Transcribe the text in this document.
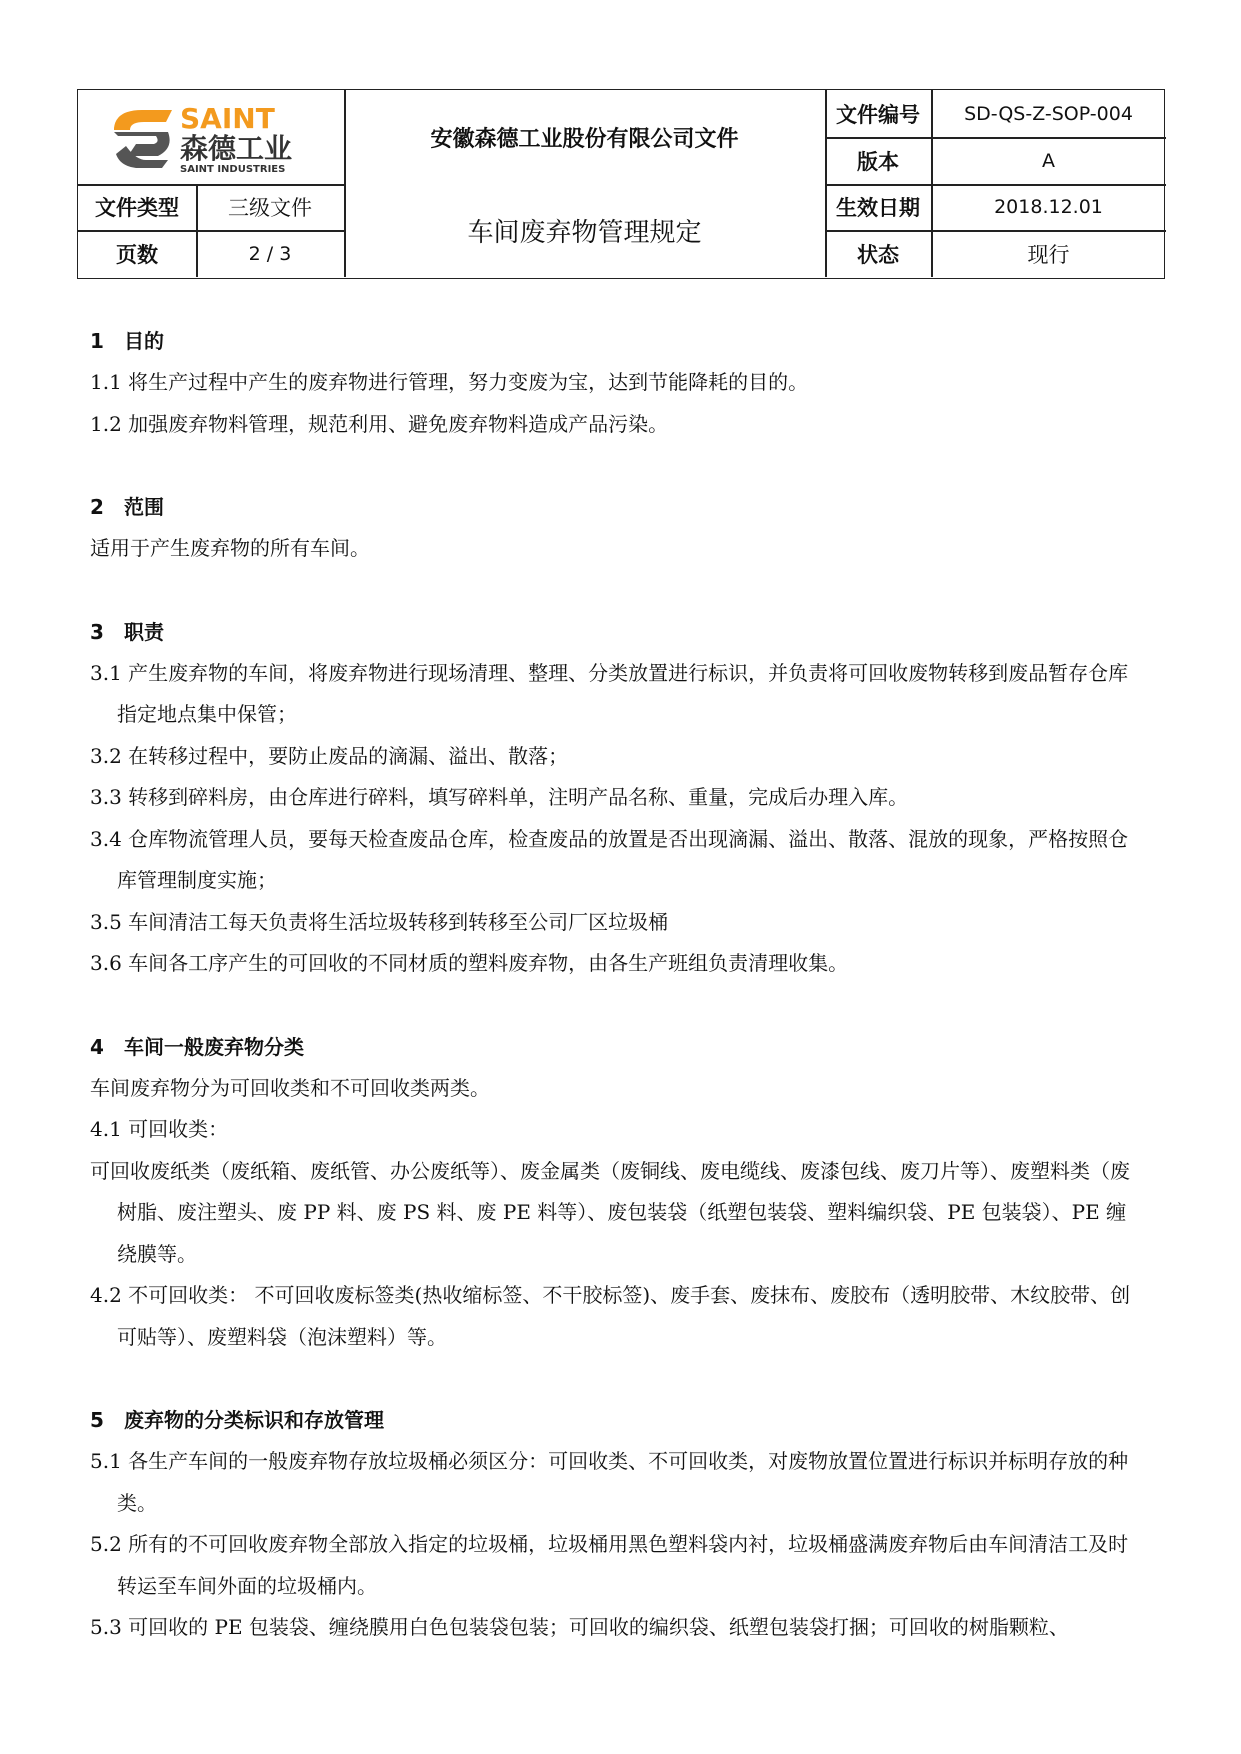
SAINT
森德工业
SAINT INDUSTRIES
安徽森德工业股份有限公司文件
车间废弃物管理规定
文件编号	SD-QS-Z-SOP-004
版本	A
生效日期	2018.12.01
状态	现行
文件类型	三级文件
页数	2 / 3
1 目的

1.1 将生产过程中产生的废弃物进行管理，努力变废为宝，达到节能降耗的目的。

1.2 加强废弃物料管理，规范利用、避免废弃物料造成产品污染。

2 范围

适用于产生废弃物的所有车间。

3 职责

3.1 产生废弃物的车间，将废弃物进行现场清理、整理、分类放置进行标识，并负责将可回收废物转移到废品暂存仓库指定地点集中保管；

3.2 在转移过程中，要防止废品的滴漏、溢出、散落；

3.3 转移到碎料房，由仓库进行碎料，填写碎料单，注明产品名称、重量，完成后办理入库。

3.4 仓库物流管理人员，要每天检查废品仓库，检查废品的放置是否出现滴漏、溢出、散落、混放的现象，严格按照仓库管理制度实施；

3.5 车间清洁工每天负责将生活垃圾转移到转移至公司厂区垃圾桶

3.6 车间各工序产生的可回收的不同材质的塑料废弃物，由各生产班组负责清理收集。

4 车间一般废弃物分类

车间废弃物分为可回收类和不可回收类两类。

4.1 可回收类：

可回收废纸类（废纸箱、废纸管、办公废纸等）、废金属类（废铜线、废电缆线、废漆包线、废刀片等）、废塑料类（废树脂、废注塑头、废 PP 料、废 PS 料、废 PE 料等）、废包装袋（纸塑包装袋、塑料编织袋、PE 包装袋）、PE 缠绕膜等。

4.2 不可回收类： 不可回收废标签类(热收缩标签、不干胶标签)、废手套、废抹布、废胶布（透明胶带、木纹胶带、创可贴等）、废塑料袋（泡沫塑料）等。

5 废弃物的分类标识和存放管理

5.1 各生产车间的一般废弃物存放垃圾桶必须区分：可回收类、不可回收类，对废物放置位置进行标识并标明存放的种类。

5.2 所有的不可回收废弃物全部放入指定的垃圾桶，垃圾桶用黑色塑料袋内衬，垃圾桶盛满废弃物后由车间清洁工及时转运至车间外面的垃圾桶内。

5.3 可回收的 PE 包装袋、缠绕膜用白色包装袋包装；可回收的编织袋、纸塑包装袋打捆；可回收的树脂颗粒、
